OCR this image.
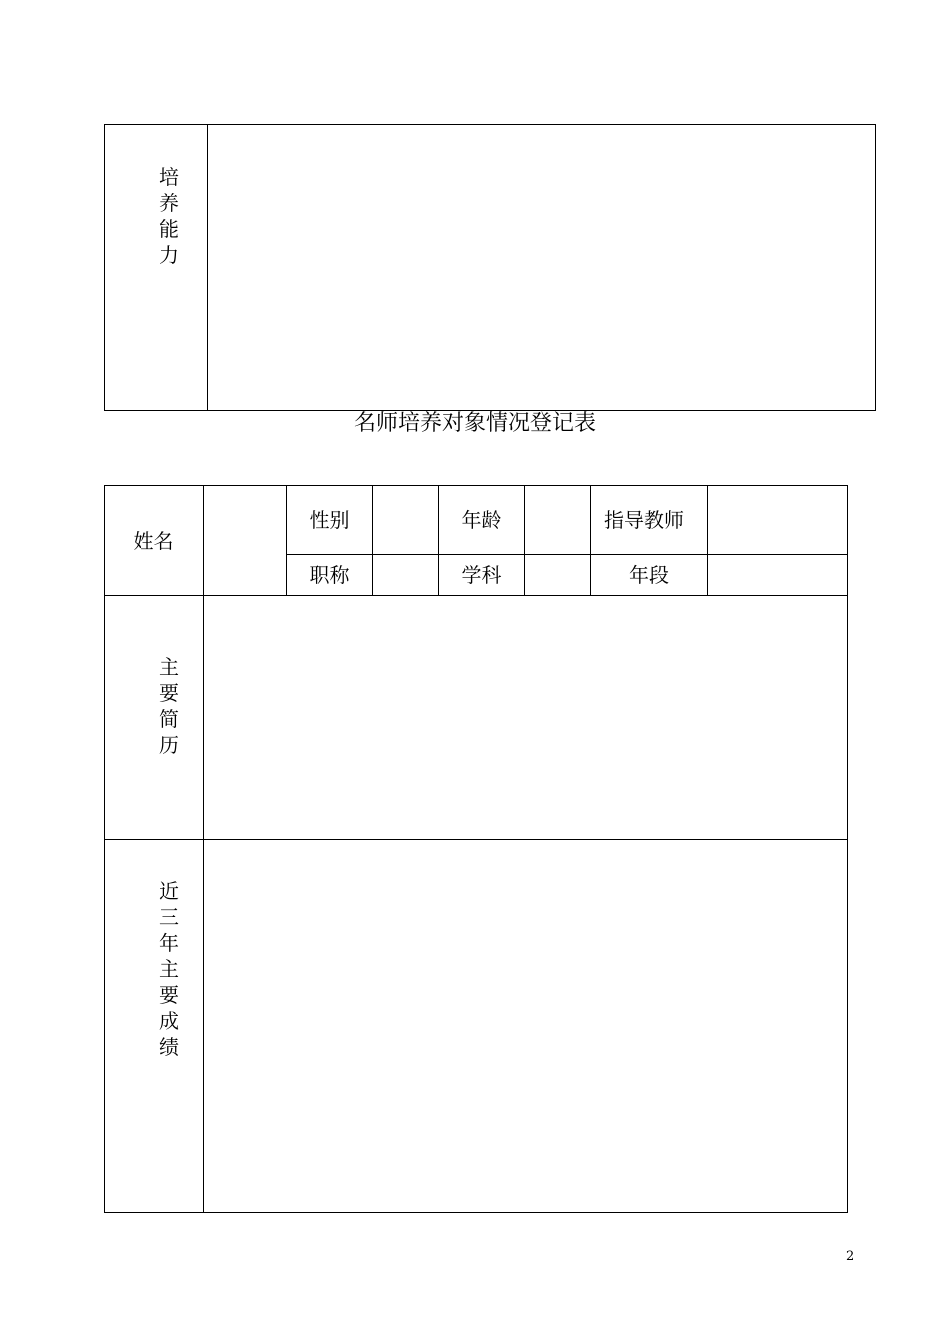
培养能力
名师培养对象情况登记表
姓名
性别	年龄	指导教师
职称	学科	年段
主要简历
近三年主要成绩
2
